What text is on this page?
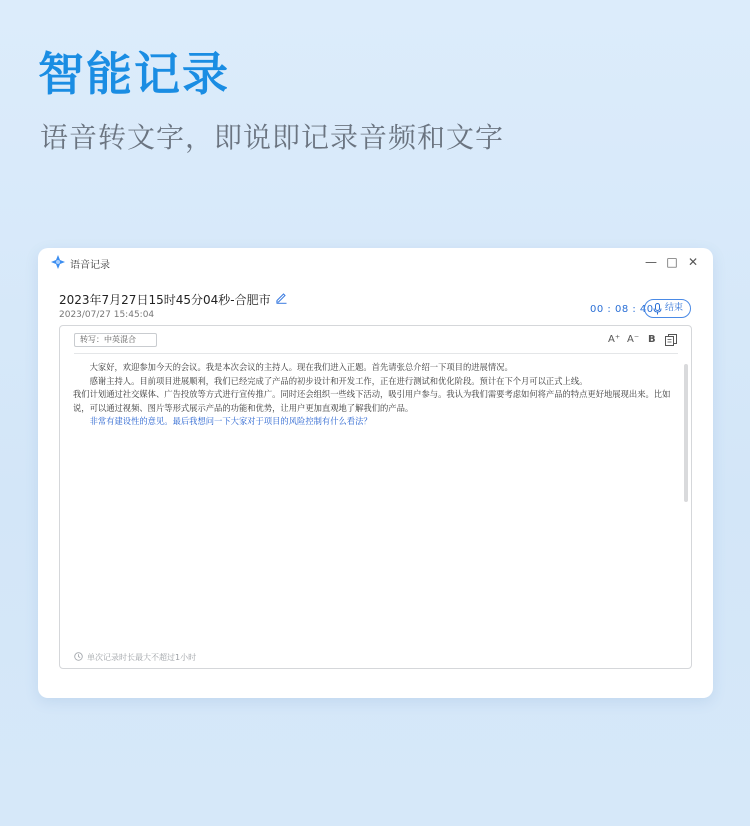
智能记录
语音转文字，即说即记录音频和文字
语音记录	— □ ✕
2023年7月27日15时45分04秒-合肥市
2023/07/27 15:45:04	00 : 08 : 40	结束
转写：中英混合	A⁺ A⁻ B

大家好，欢迎参加今天的会议。我是本次会议的主持人。现在我们进入正题。首先请张总介绍一下项目的进展情况。

感谢主持人。目前项目进展顺利，我们已经完成了产品的初步设计和开发工作，正在进行测试和优化阶段。预计在下个月可以正式上线。

我们计划通过社交媒体、广告投放等方式进行宣传推广。同时还会组织一些线下活动，吸引用户参与。我认为我们需要考虑如何将产品的特点更好地展现出来。比如说，可以通过视频、图片等形式展示产品的功能和优势，让用户更加直观地了解我们的产品。

非常有建设性的意见。最后我想问一下大家对于项目的风险控制有什么看法？

单次记录时长最大不超过1小时
